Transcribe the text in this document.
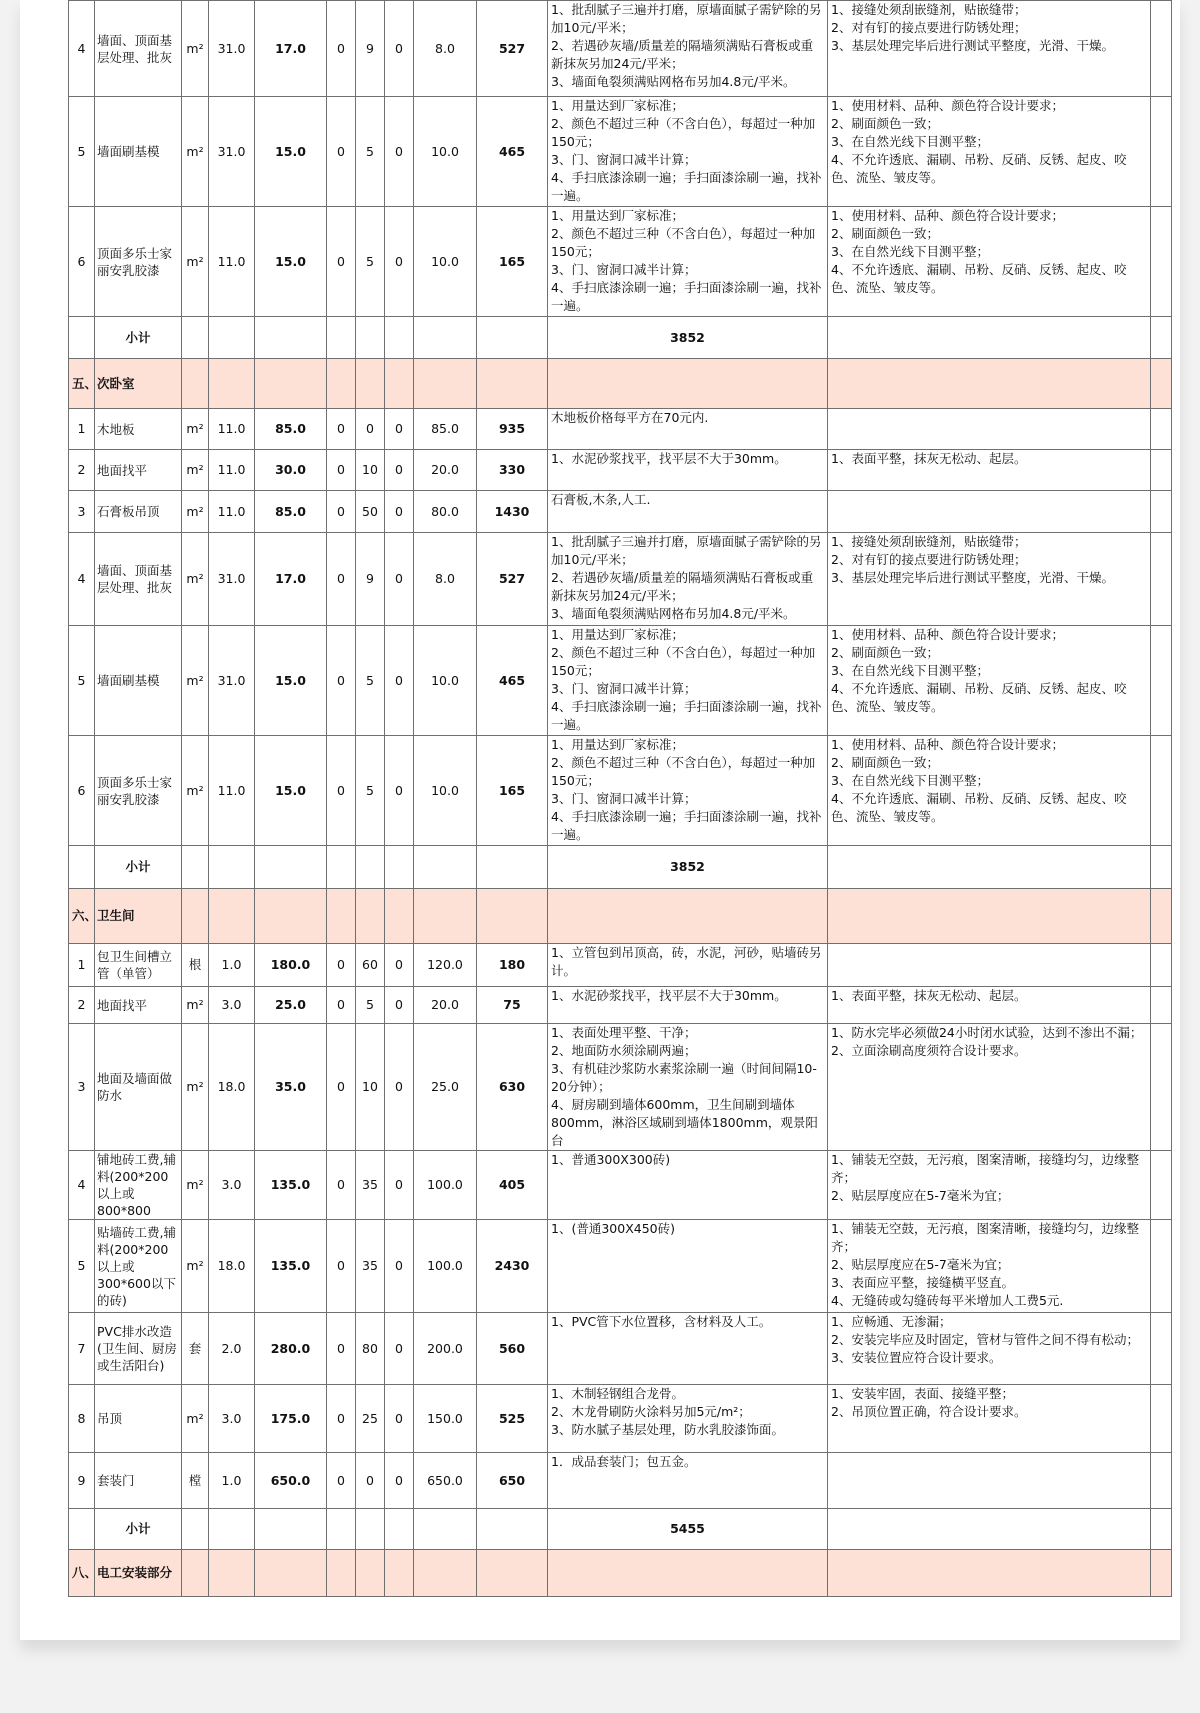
4	墙面、顶面基层处理、批灰	m²	31.0	17.0	0	9	0	8.0	527	1、批刮腻子三遍并打磨，原墙面腻子需铲除的另加10元/平米；
2、若遇砂灰墙/质量差的隔墙须满贴石膏板或重新抹灰另加24元/平米；
3、墙面龟裂须满贴网格布另加4.8元/平米。	1、接缝处须刮嵌缝剂，贴嵌缝带；
2、对有钉的接点要进行防锈处理；
3、基层处理完毕后进行测试平整度，光滑、干燥。		
5	墙面刷基模	m²	31.0	15.0	0	5	0	10.0	465	1、用量达到厂家标准；
2、颜色不超过三种（不含白色），每超过一种加150元；
3、门、窗洞口减半计算；
4、手扫底漆涂刷一遍；手扫面漆涂刷一遍，找补一遍。	1、使用材料、品种、颜色符合设计要求；
2、刷面颜色一致；
3、在自然光线下目测平整；
4、不允许透底、漏刷、吊粉、反硝、反锈、起皮、咬色、流坠、皱皮等。		
6	顶面多乐士家丽安乳胶漆	m²	11.0	15.0	0	5	0	10.0	165	1、用量达到厂家标准；
2、颜色不超过三种（不含白色），每超过一种加150元；
3、门、窗洞口减半计算；
4、手扫底漆涂刷一遍；手扫面漆涂刷一遍，找补一遍。	1、使用材料、品种、颜色符合设计要求；
2、刷面颜色一致；
3、在自然光线下目测平整；
4、不允许透底、漏刷、吊粉、反硝、反锈、起皮、咬色、流坠、皱皮等。		
	小计									3852			
五、	次卧室												
1	木地板	m²	11.0	85.0	0	0	0	85.0	935	木地板价格每平方在70元内.			
2	地面找平	m²	11.0	30.0	0	10	0	20.0	330	1、水泥砂浆找平，找平层不大于30mm。	1、表面平整，抹灰无松动、起层。		
3	石膏板吊顶	m²	11.0	85.0	0	50	0	80.0	1430	石膏板,木条,人工.			
4	墙面、顶面基层处理、批灰	m²	31.0	17.0	0	9	0	8.0	527	1、批刮腻子三遍并打磨，原墙面腻子需铲除的另加10元/平米；
2、若遇砂灰墙/质量差的隔墙须满贴石膏板或重新抹灰另加24元/平米；
3、墙面龟裂须满贴网格布另加4.8元/平米。	1、接缝处须刮嵌缝剂，贴嵌缝带；
2、对有钉的接点要进行防锈处理；
3、基层处理完毕后进行测试平整度，光滑、干燥。		
5	墙面刷基模	m²	31.0	15.0	0	5	0	10.0	465	1、用量达到厂家标准；
2、颜色不超过三种（不含白色），每超过一种加150元；
3、门、窗洞口减半计算；
4、手扫底漆涂刷一遍；手扫面漆涂刷一遍，找补一遍。	1、使用材料、品种、颜色符合设计要求；
2、刷面颜色一致；
3、在自然光线下目测平整；
4、不允许透底、漏刷、吊粉、反硝、反锈、起皮、咬色、流坠、皱皮等。		
6	顶面多乐士家丽安乳胶漆	m²	11.0	15.0	0	5	0	10.0	165	1、用量达到厂家标准；
2、颜色不超过三种（不含白色），每超过一种加150元；
3、门、窗洞口减半计算；
4、手扫底漆涂刷一遍；手扫面漆涂刷一遍，找补一遍。	1、使用材料、品种、颜色符合设计要求；
2、刷面颜色一致；
3、在自然光线下目测平整；
4、不允许透底、漏刷、吊粉、反硝、反锈、起皮、咬色、流坠、皱皮等。		
	小计									3852			
六、	卫生间												
1	包卫生间槽立管（单管）	根	1.0	180.0	0	60	0	120.0	180	1、立管包到吊顶高，砖，水泥，河砂，贴墙砖另计。			
2	地面找平	m²	3.0	25.0	0	5	0	20.0	75	1、水泥砂浆找平，找平层不大于30mm。	1、表面平整，抹灰无松动、起层。		
3	地面及墙面做防水	m²	18.0	35.0	0	10	0	25.0	630	1、表面处理平整、干净；
2、地面防水须涂刷两遍；
3、有机硅沙浆防水素浆涂刷一遍（时间间隔10-20分钟）；
4、厨房刷到墙体600mm，卫生间刷到墙体800mm，淋浴区域刷到墙体1800mm，观景阳台	1、防水完毕必须做24小时闭水试验，达到不渗出不漏；
2、立面涂刷高度须符合设计要求。		
4	铺地砖工费,辅料(200*200以上或800*800	m²	3.0	135.0	0	35	0	100.0	405	1、普通300X300砖)	1、铺装无空鼓，无污痕，图案清晰，接缝均匀，边缘整齐；
2、贴层厚度应在5-7毫米为宜；		
5	贴墙砖工费,辅料(200*200以上或300*600以下的砖)	m²	18.0	135.0	0	35	0	100.0	2430	1、(普通300X450砖)	1、铺装无空鼓，无污痕，图案清晰，接缝均匀，边缘整齐；
2、贴层厚度应在5-7毫米为宜；
3、表面应平整，接缝横平竖直。
4、无缝砖或勾缝砖每平米增加人工费5元.		
7	PVC排水改造(卫生间、厨房或生活阳台)	套	2.0	280.0	0	80	0	200.0	560	1、PVC管下水位置移，含材料及人工。	1、应畅通、无渗漏；
2、安装完毕应及时固定，管材与管件之间不得有松动；
3、安装位置应符合设计要求。		
8	吊顶	m²	3.0	175.0	0	25	0	150.0	525	1、木制轻钢组合龙骨。
2、木龙骨刷防火涂料另加5元/m²；
3、防水腻子基层处理，防水乳胶漆饰面。	1、安装牢固，表面、接缝平整；
2、吊顶位置正确，符合设计要求。		
9	套装门	樘	1.0	650.0	0	0	0	650.0	650	1．成品套装门；包五金。			
	小计									5455			
八、	电工安装部分												
